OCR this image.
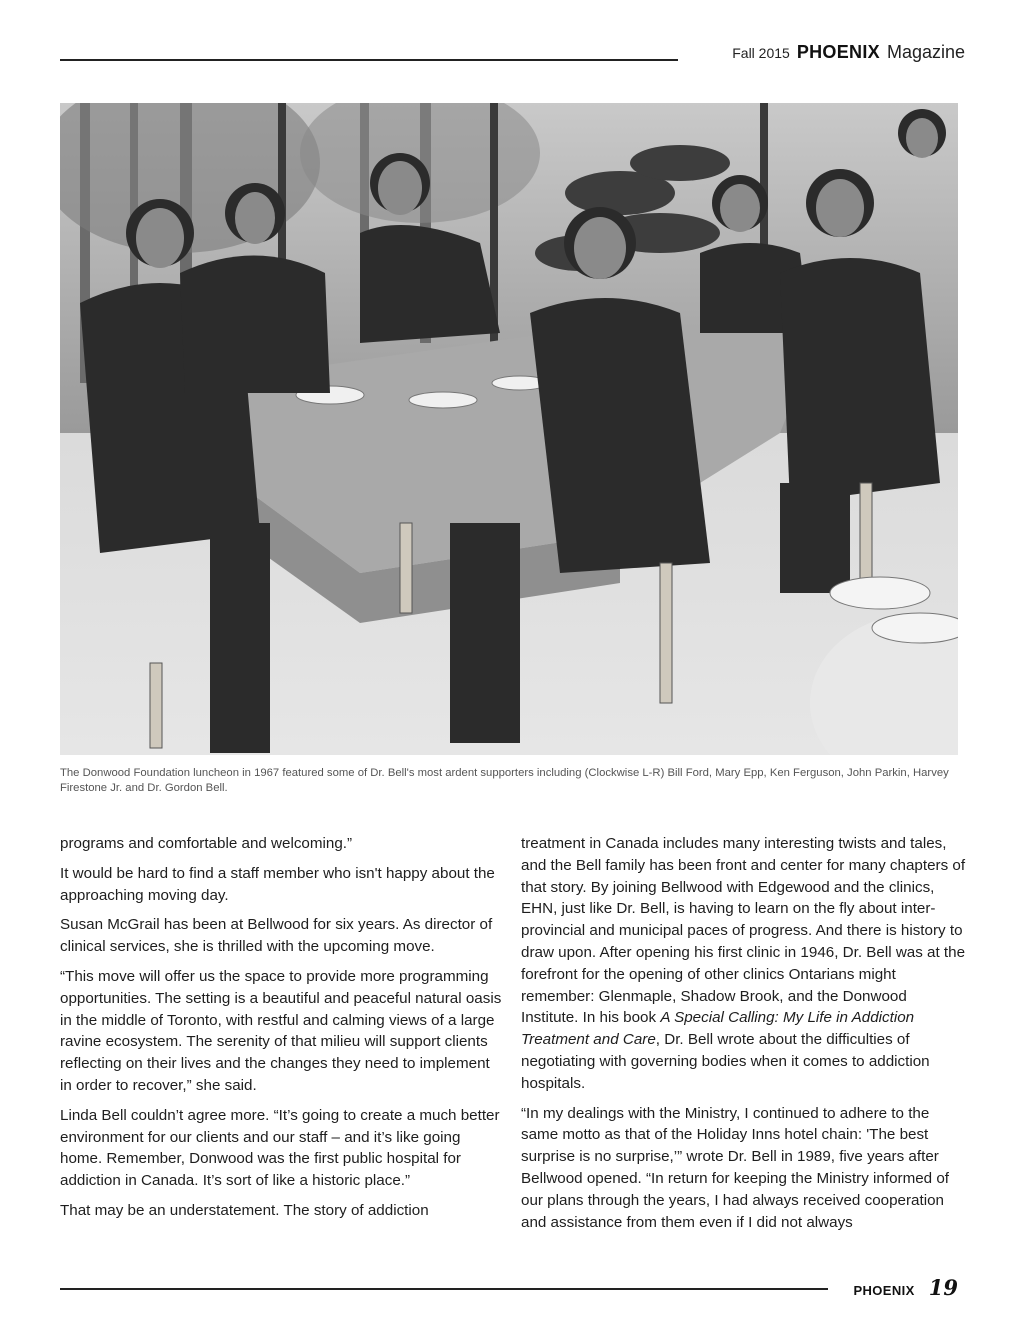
Fall 2015 PHOENIX Magazine
The Donwood Foundation luncheon in 1967 featured some of Dr. Bell's most ardent supporters including (Clockwise L-R) Bill Ford, Mary Epp, Ken Ferguson, John Parkin, Harvey Firestone Jr. and Dr. Gordon Bell.

programs and comfortable and welcoming.”

It would be hard to find a staff member who isn't happy about the approaching moving day.

Susan McGrail has been at Bellwood for six years. As director of clinical services, she is thrilled with the upcoming move.

“This move will offer us the space to provide more programming opportunities. The setting is a beautiful and peaceful natural oasis in the middle of Toronto, with restful and calming views of a large ravine ecosystem. The serenity of that milieu will support clients reflecting on their lives and the changes they need to implement in order to recover,” she said.

Linda Bell couldn’t agree more. “It’s going to create a much better environment for our clients and our staff – and it’s like going home. Remember, Donwood was the first public hospital for addiction in Canada. It’s sort of like a historic place.”

That may be an understatement. The story of addiction

treatment in Canada includes many interesting twists and tales, and the Bell family has been front and center for many chapters of that story. By joining Bellwood with Edgewood and the clinics, EHN, just like Dr. Bell, is having to learn on the fly about inter-provincial and municipal paces of progress. And there is history to draw upon. After opening his first clinic in 1946, Dr. Bell was at the forefront for the opening of other clinics Ontarians might remember: Glenmaple, Shadow Brook, and the Donwood Institute. In his book A Special Calling: My Life in Addiction Treatment and Care, Dr. Bell wrote about the difficulties of negotiating with governing bodies when it comes to addiction hospitals.

“In my dealings with the Ministry, I continued to adhere to the same motto as that of the Holiday Inns hotel chain: 'The best surprise is no surprise,’” wrote Dr. Bell in 1989, five years after Bellwood opened. “In return for keeping the Ministry informed of our plans through the years, I had always received cooperation and assistance from them even if I did not always

PHOENIX 19
